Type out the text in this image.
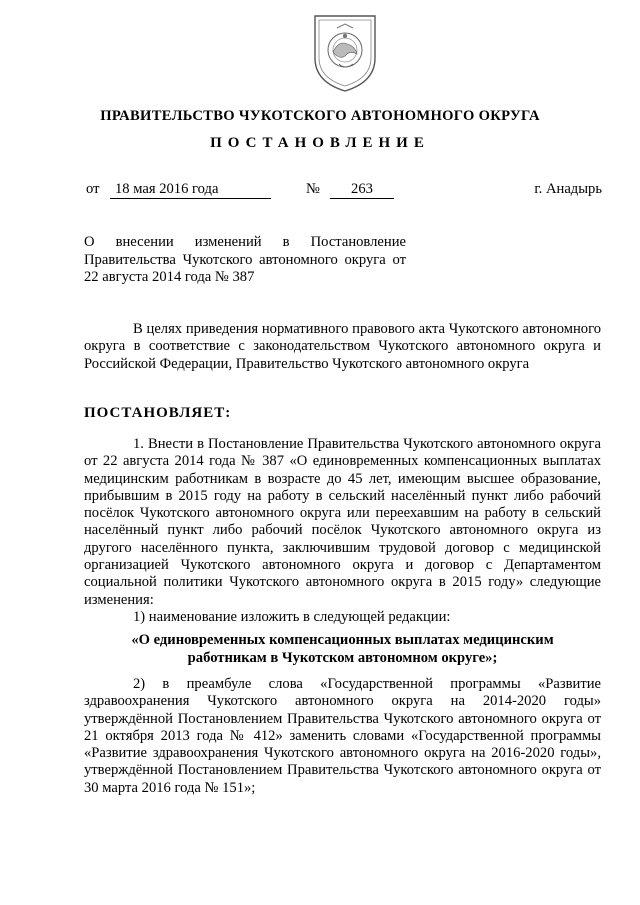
ПРАВИТЕЛЬСТВО ЧУКОТСКОГО АВТОНОМНОГО ОКРУГА
ПОСТАНОВЛЕНИЕ
от	18 мая 2016 года	№	263	г. Анадырь
О внесении изменений в Постановление Правительства Чукотского автономного округа от 22 августа 2014 года № 387
В целях приведения нормативного правового акта Чукотского автономного округа в соответствие с законодательством Чукотского автономного округа и Российской Федерации, Правительство Чукотского автономного округа
ПОСТАНОВЛЯЕТ:
1. Внести в Постановление Правительства Чукотского автономного округа от 22 августа 2014 года № 387 «О единовременных компенсационных выплатах медицинским работникам в возрасте до 45 лет, имеющим высшее образование, прибывшим в 2015 году на работу в сельский населённый пункт либо рабочий посёлок Чукотского автономного округа или переехавшим на работу в сельский населённый пункт либо рабочий посёлок Чукотского автономного округа из другого населённого пункта, заключившим трудовой договор с медицинской организацией Чукотского автономного округа и договор с Департаментом социальной политики Чукотского автономного округа в 2015 году» следующие изменения:
1) наименование изложить в следующей редакции:
«О единовременных компенсационных выплатах медицинским
работникам в Чукотском автономном округе»;
2) в преамбуле слова «Государственной программы «Развитие здравоохранения Чукотского автономного округа на 2014-2020 годы» утверждённой Постановлением Правительства Чукотского автономного округа от 21 октября 2013 года № 412» заменить словами «Государственной программы «Развитие здравоохранения Чукотского автономного округа на 2016-2020 годы», утверждённой Постановлением Правительства Чукотского автономного округа от 30 марта 2016 года № 151»;
